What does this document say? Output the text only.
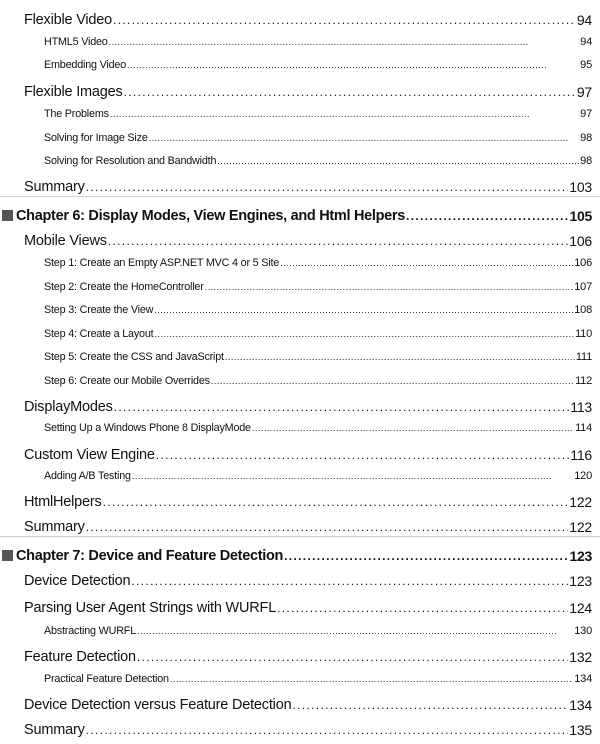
Flexible Video . . .	94
HTML5 Video . . .	94
Embedding Video . . .	95
Flexible Images . . .	97
The Problems . . .	97
Solving for Image Size . . .	98
Solving for Resolution and Bandwidth . . .	98
Summary . . .	103
Chapter 6: Display Modes, View Engines, and Html Helpers . . .	105
Mobile Views . . .	106
Step 1: Create an Empty ASP.NET MVC 4 or 5 Site . . .	106
Step 2: Create the HomeController . . .	107
Step 3: Create the View . . .	108
Step 4: Create a Layout . . .	110
Step 5: Create the CSS and JavaScript . . .	111
Step 6: Create our Mobile Overrides . . .	112
DisplayModes . . .	113
Setting Up a Windows Phone 8 DisplayMode . . .	114
Custom View Engine . . .	116
Adding A/B Testing . . .	120
HtmlHelpers . . .	122
Summary . . .	122
Chapter 7: Device and Feature Detection . . .	123
Device Detection . . .	123
Parsing User Agent Strings with WURFL . . .	124
Abstracting WURFL . . .	130
Feature Detection . . .	132
Practical Feature Detection . . .	134
Device Detection versus Feature Detection . . .	134
Summary . . .	135
